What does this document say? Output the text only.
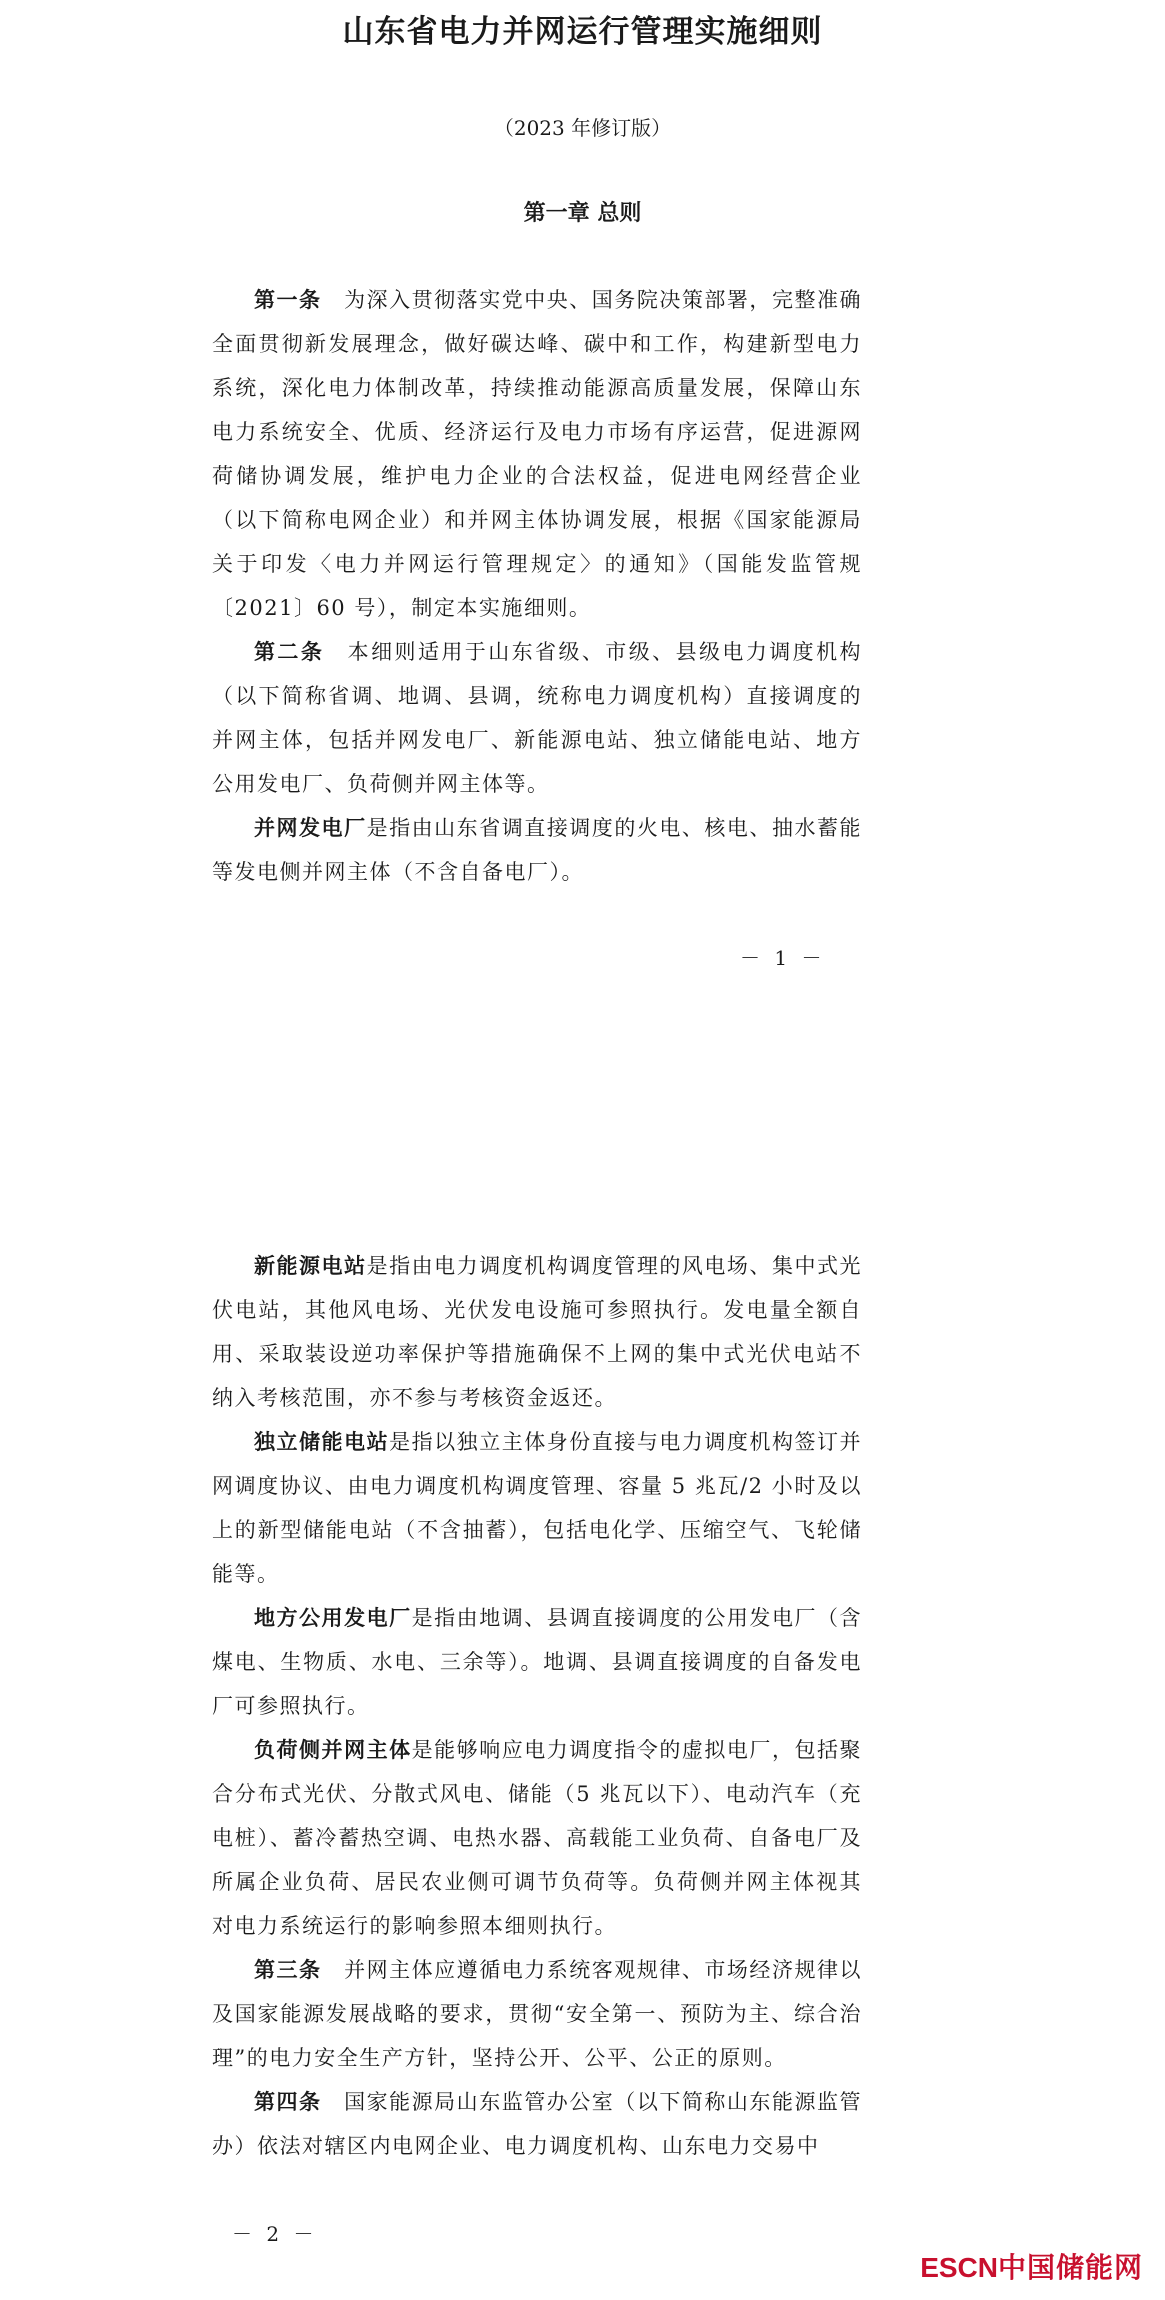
山东省电力并网运行管理实施细则
（2023 年修订版）
第一章 总则

第一条　为深入贯彻落实党中央、国务院决策部署，完整准确全面贯彻新发展理念，做好碳达峰、碳中和工作，构建新型电力系统，深化电力体制改革，持续推动能源高质量发展，保障山东电力系统安全、优质、经济运行及电力市场有序运营，促进源网荷储协调发展，维护电力企业的合法权益，促进电网经营企业（以下简称电网企业）和并网主体协调发展，根据《国家能源局关于印发〈电力并网运行管理规定〉的通知》（国能发监管规〔2021〕60 号），制定本实施细则。

第二条　本细则适用于山东省级、市级、县级电力调度机构（以下简称省调、地调、县调，统称电力调度机构）直接调度的并网主体，包括并网发电厂、新能源电站、独立储能电站、地方公用发电厂、负荷侧并网主体等。

并网发电厂是指由山东省调直接调度的火电、核电、抽水蓄能等发电侧并网主体（不含自备电厂）。

－ 1 －

新能源电站是指由电力调度机构调度管理的风电场、集中式光伏电站，其他风电场、光伏发电设施可参照执行。发电量全额自用、采取装设逆功率保护等措施确保不上网的集中式光伏电站不纳入考核范围，亦不参与考核资金返还。

独立储能电站是指以独立主体身份直接与电力调度机构签订并网调度协议、由电力调度机构调度管理、容量 5 兆瓦/2 小时及以上的新型储能电站（不含抽蓄），包括电化学、压缩空气、飞轮储能等。

地方公用发电厂是指由地调、县调直接调度的公用发电厂（含煤电、生物质、水电、三余等）。地调、县调直接调度的自备发电厂可参照执行。

负荷侧并网主体是能够响应电力调度指令的虚拟电厂，包括聚合分布式光伏、分散式风电、储能（5 兆瓦以下）、电动汽车（充电桩）、蓄冷蓄热空调、电热水器、高载能工业负荷、自备电厂及所属企业负荷、居民农业侧可调节负荷等。负荷侧并网主体视其对电力系统运行的影响参照本细则执行。

第三条　并网主体应遵循电力系统客观规律、市场经济规律以及国家能源发展战略的要求，贯彻“安全第一、预防为主、综合治理”的电力安全生产方针，坚持公开、公平、公正的原则。

第四条　国家能源局山东监管办公室（以下简称山东能源监管办）依法对辖区内电网企业、电力调度机构、山东电力交易中

－ 2 －
ESCN中国储能网
